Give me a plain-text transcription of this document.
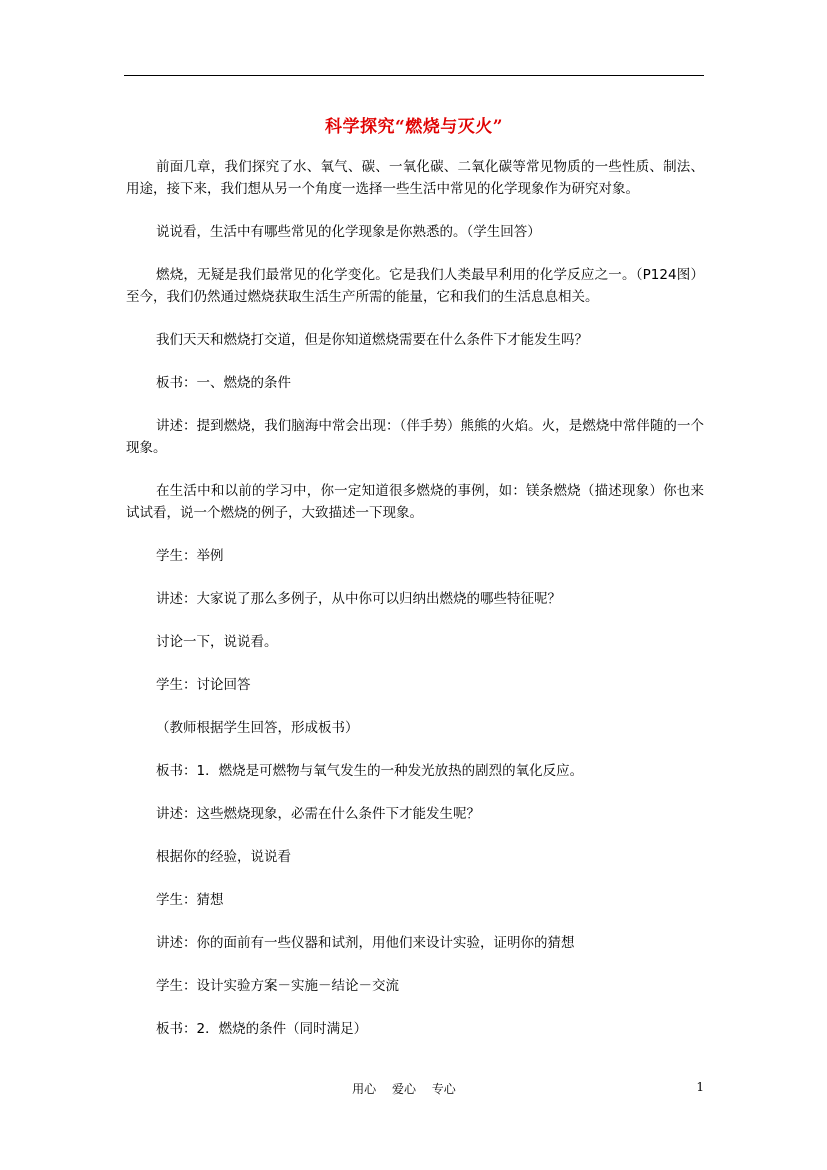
科学探究“燃烧与灭火”

前面几章，我们探究了水、氧气、碳、一氧化碳、二氧化碳等常见物质的一些性质、制法、用途，接下来，我们想从另一个角度一选择一些生活中常见的化学现象作为研究对象。

说说看，生活中有哪些常见的化学现象是你熟悉的。（学生回答）

燃烧，无疑是我们最常见的化学变化。它是我们人类最早利用的化学反应之一。（P124图）至今，我们仍然通过燃烧获取生活生产所需的能量，它和我们的生活息息相关。

我们天天和燃烧打交道，但是你知道燃烧需要在什么条件下才能发生吗？

板书：一、燃烧的条件

讲述：提到燃烧，我们脑海中常会出现：（伴手势）熊熊的火焰。火，是燃烧中常伴随的一个现象。

在生活中和以前的学习中，你一定知道很多燃烧的事例，如：镁条燃烧（描述现象）你也来试试看，说一个燃烧的例子，大致描述一下现象。

学生：举例

讲述：大家说了那么多例子，从中你可以归纳出燃烧的哪些特征呢？

讨论一下，说说看。

学生：讨论回答

（教师根据学生回答，形成板书）

板书：1．燃烧是可燃物与氧气发生的一种发光放热的剧烈的氧化反应。

讲述：这些燃烧现象，必需在什么条件下才能发生呢？

根据你的经验，说说看

学生：猜想

讲述：你的面前有一些仪器和试剂，用他们来设计实验，证明你的猜想

学生：设计实验方案－实施－结论－交流

板书：2．燃烧的条件（同时满足）

用心　 爱心　 专心	1
